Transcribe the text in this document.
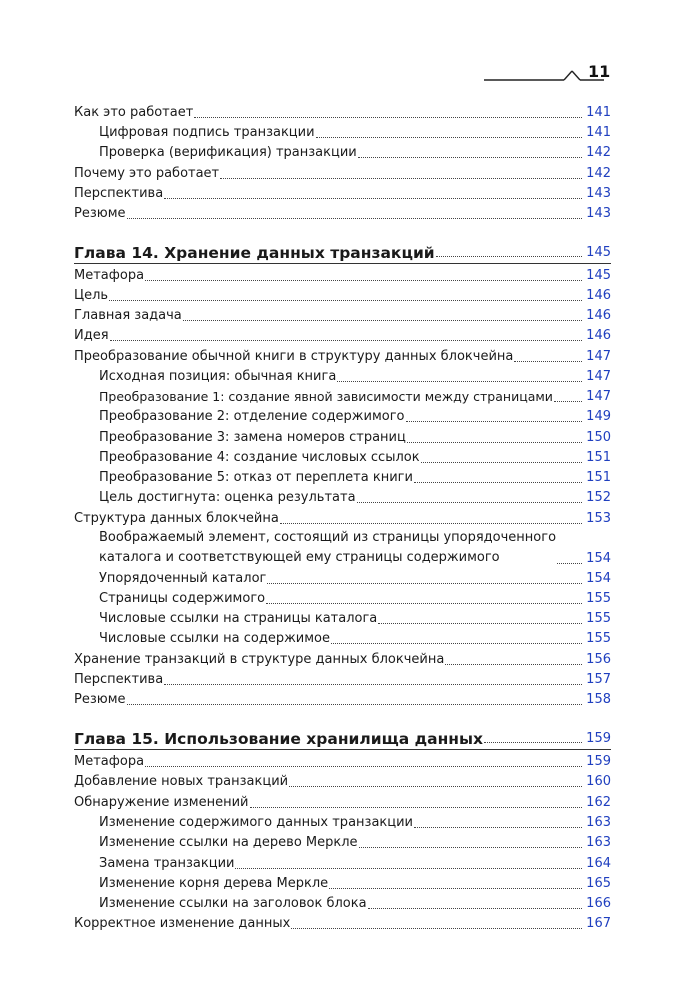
11
Как это работает	141
Цифровая подпись транзакции	141
Проверка (верификация) транзакции	142
Почему это работает	142
Перспектива	143
Резюме	143
Глава 14. Хранение данных транзакций	145
Метафора	145
Цель	146
Главная задача	146
Идея	146
Преобразование обычной книги в структуру данных блокчейна	147
Исходная позиция: обычная книга	147
Преобразование 1: создание явной зависимости между страницами	147
Преобразование 2: отделение содержимого	149
Преобразование 3: замена номеров страниц	150
Преобразование 4: создание числовых ссылок	151
Преобразование 5: отказ от переплета книги	151
Цель достигнута: оценка результата	152
Структура данных блокчейна	153
Воображаемый элемент, состоящий из страницы упорядоченного
каталога и соответствующей ему страницы содержимого	154
Упорядоченный каталог	154
Страницы содержимого	155
Числовые ссылки на страницы каталога	155
Числовые ссылки на содержимое	155
Хранение транзакций в структуре данных блокчейна	156
Перспектива	157
Резюме	158
Глава 15. Использование хранилища данных	159
Метафора	159
Добавление новых транзакций	160
Обнаружение изменений	162
Изменение содержимого данных транзакции	163
Изменение ссылки на дерево Меркле	163
Замена транзакции	164
Изменение корня дерева Меркле	165
Изменение ссылки на заголовок блока	166
Корректное изменение данных	167
